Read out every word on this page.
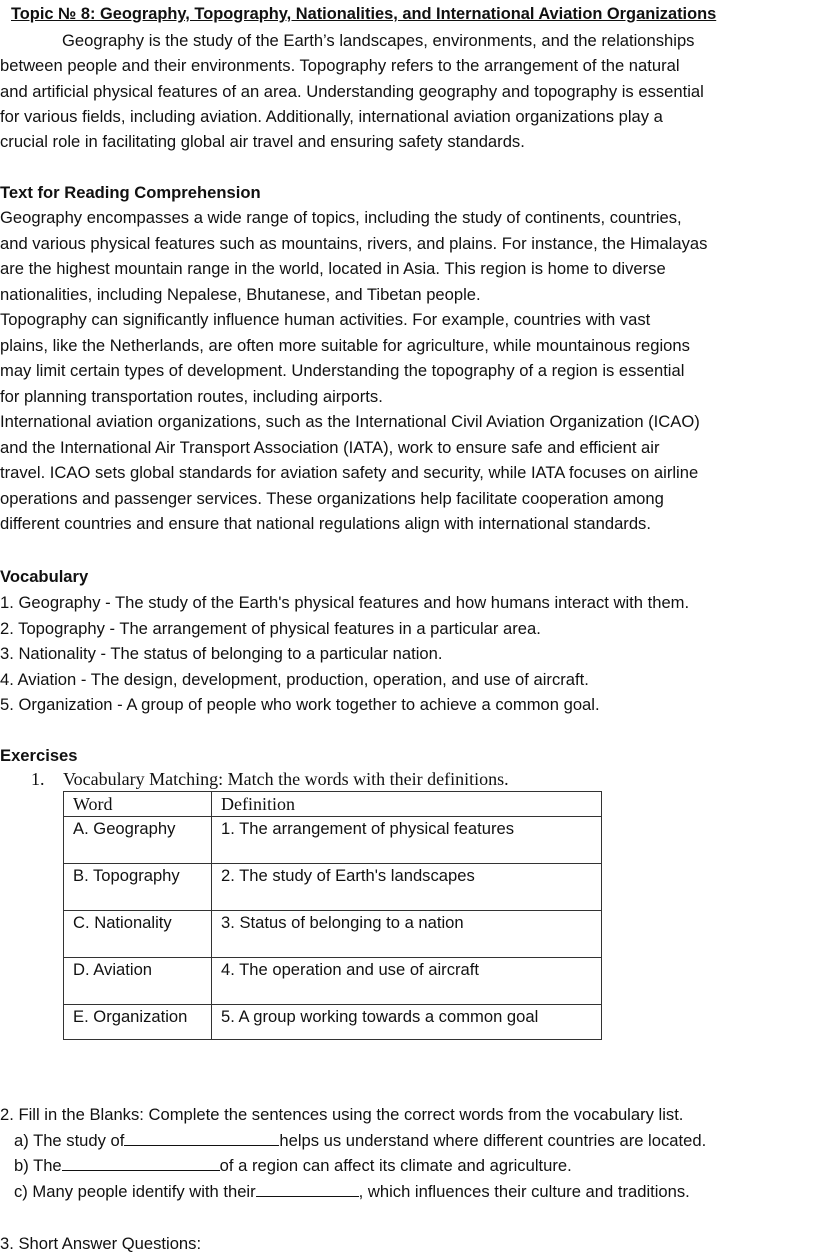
Topic № 8: Geography, Topography, Nationalities, and International Aviation Organizations
Geography is the study of the Earth’s landscapes, environments, and the relationships
between people and their environments. Topography refers to the arrangement of the natural
and artificial physical features of an area. Understanding geography and topography is essential
for various fields, including aviation. Additionally, international aviation organizations play a
crucial role in facilitating global air travel and ensuring safety standards.
Text for Reading Comprehension
Geography encompasses a wide range of topics, including the study of continents, countries,
and various physical features such as mountains, rivers, and plains. For instance, the Himalayas
are the highest mountain range in the world, located in Asia. This region is home to diverse
nationalities, including Nepalese, Bhutanese, and Tibetan people.
Topography can significantly influence human activities. For example, countries with vast
plains, like the Netherlands, are often more suitable for agriculture, while mountainous regions
may limit certain types of development. Understanding the topography of a region is essential
for planning transportation routes, including airports.
International aviation organizations, such as the International Civil Aviation Organization (ICAO)
and the International Air Transport Association (IATA), work to ensure safe and efficient air
travel. ICAO sets global standards for aviation safety and security, while IATA focuses on airline
operations and passenger services. These organizations help facilitate cooperation among
different countries and ensure that national regulations align with international standards.
Vocabulary
1. Geography - The study of the Earth's physical features and how humans interact with them.
2. Topography - The arrangement of physical features in a particular area.
3. Nationality - The status of belonging to a particular nation.
4. Aviation - The design, development, production, operation, and use of aircraft.
5. Organization - A group of people who work together to achieve a common goal.
Exercises
1. Vocabulary Matching: Match the words with their definitions.
Word	Definition
A. Geography	1. The arrangement of physical features
B. Topography	2. The study of Earth's landscapes
C. Nationality	3. Status of belonging to a nation
D. Aviation	4. The operation and use of aircraft
E. Organization	5. A group working towards a common goal
2. Fill in the Blanks: Complete the sentences using the correct words from the vocabulary list.
a) The study of	helps us understand where different countries are located.
b) The	of a region can affect its climate and agriculture.
c) Many people identify with their	, which influences their culture and traditions.
3. Short Answer Questions:
